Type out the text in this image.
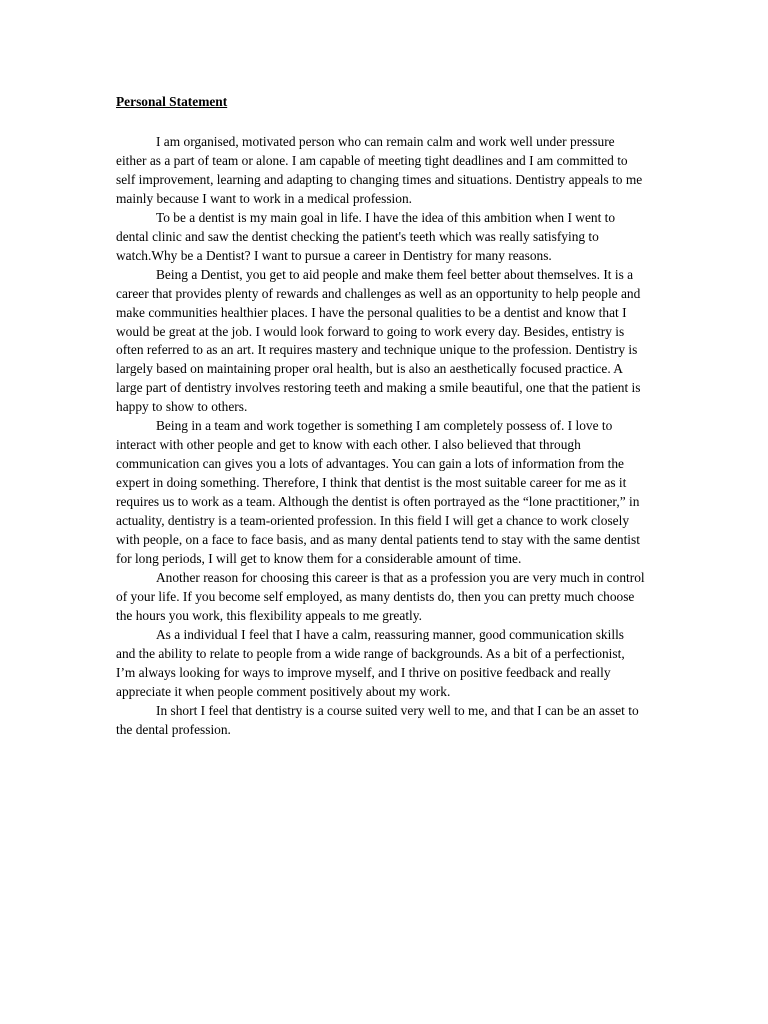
Personal Statement
I am organised, motivated person who can remain calm and work well under pressure
either as a part of team or alone. I am capable of meeting tight deadlines and I am committed to
self improvement, learning and adapting to changing times and situations. Dentistry appeals to me
mainly because I want to work in a medical profession.
To be a dentist is my main goal in life. I have the idea of this ambition when I went to
dental clinic and saw the dentist checking the patient's teeth which was really satisfying to
watch.Why be a Dentist? I want to pursue a career in Dentistry for many reasons.
Being a Dentist, you get to aid people and make them feel better about themselves. It is a
career that provides plenty of rewards and challenges as well as an opportunity to help people and
make communities healthier places. I have the personal qualities to be a dentist and know that I
would be great at the job. I would look forward to going to work every day. Besides, entistry is
often referred to as an art. It requires mastery and technique unique to the profession. Dentistry is
largely based on maintaining proper oral health, but is also an aesthetically focused practice. A
large part of dentistry involves restoring teeth and making a smile beautiful, one that the patient is
happy to show to others.
Being in a team and work together is something I am completely possess of. I love to
interact with other people and get to know with each other. I also believed that through
communication can gives you a lots of advantages. You can gain a lots of information from the
expert in doing something. Therefore, I think that dentist is the most suitable career for me as it
requires us to work as a team. Although the dentist is often portrayed as the “lone practitioner,” in
actuality, dentistry is a team-oriented profession. In this field I will get a chance to work closely
with people, on a face to face basis, and as many dental patients tend to stay with the same dentist
for long periods, I will get to know them for a considerable amount of time.
Another reason for choosing this career is that as a profession you are very much in control
of your life. If you become self employed, as many dentists do, then you can pretty much choose
the hours you work, this flexibility appeals to me greatly.
As a individual I feel that I have a calm, reassuring manner, good communication skills
and the ability to relate to people from a wide range of backgrounds. As a bit of a perfectionist,
I’m always looking for ways to improve myself, and I thrive on positive feedback and really
appreciate it when people comment positively about my work.
In short I feel that dentistry is a course suited very well to me, and that I can be an asset to
the dental profession.
